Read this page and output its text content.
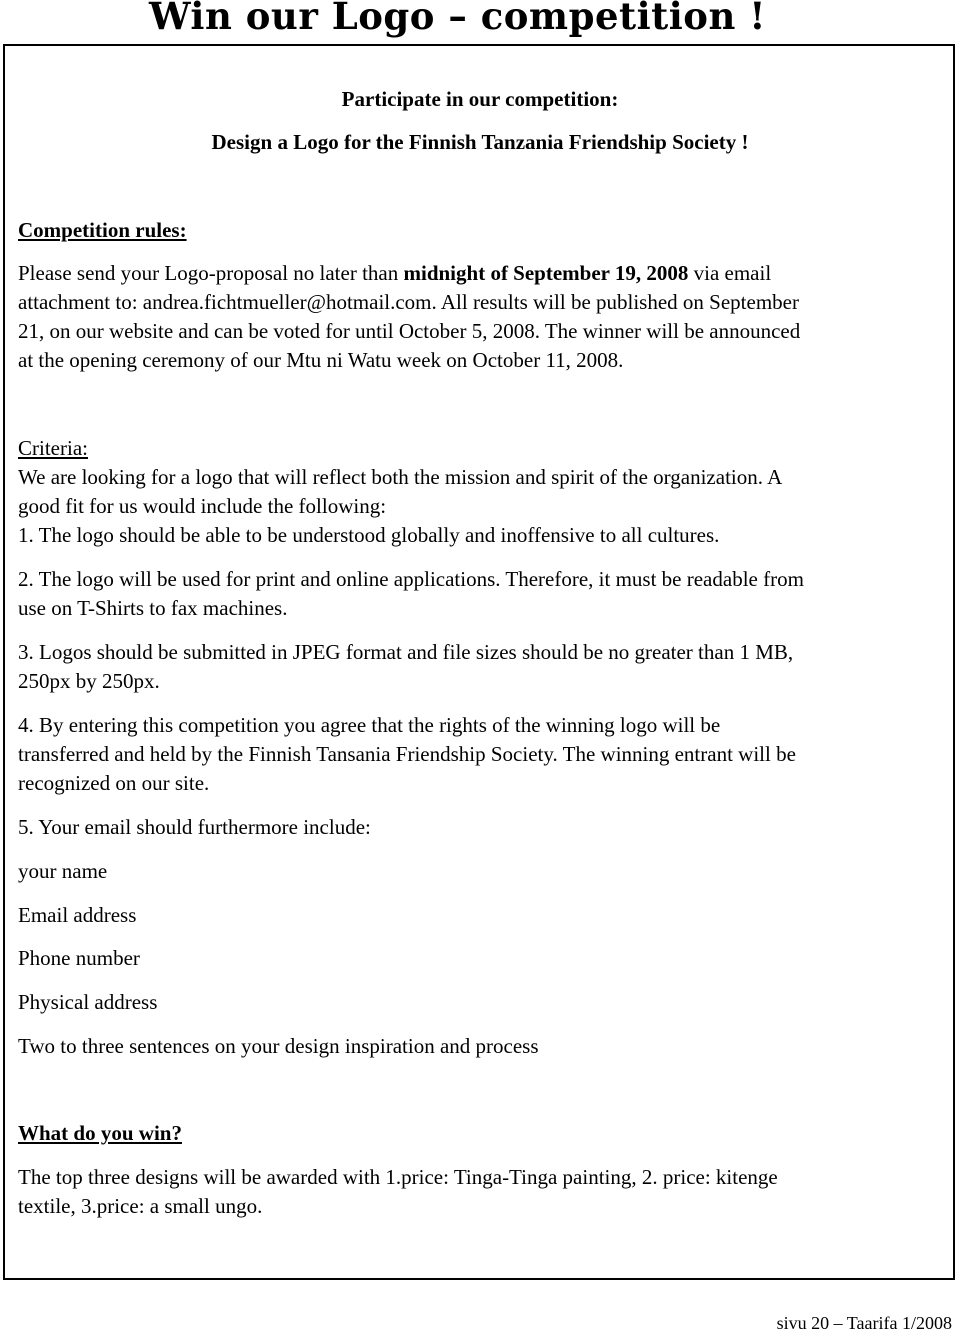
Win our Logo – competition !
Participate in our competition:
Design a Logo for the Finnish Tanzania Friendship Society !
Competition rules:
Please send your Logo-proposal no later than midnight of September 19, 2008 via email
attachment to: andrea.fichtmueller@hotmail.com. All results will be published on September
21, on our website and can be voted for until October 5, 2008. The winner will be announced
at the opening ceremony of our Mtu ni Watu week on October 11, 2008.
Criteria:
We are looking for a logo that will reflect both the mission and spirit of the organization. A
good fit for us would include the following:
1. The logo should be able to be understood globally and inoffensive to all cultures.
2. The logo will be used for print and online applications. Therefore, it must be readable from
use on T-Shirts to fax machines.
3. Logos should be submitted in JPEG format and file sizes should be no greater than 1 MB,
250px by 250px.
4. By entering this competition you agree that the rights of the winning logo will be
transferred and held by the Finnish Tansania Friendship Society. The winning entrant will be
recognized on our site.
5. Your email should furthermore include:
your name
Email address
Phone number
Physical address
Two to three sentences on your design inspiration and process
What do you win?
The top three designs will be awarded with 1.price: Tinga-Tinga painting, 2. price: kitenge
textile, 3.price: a small ungo.
sivu 20 – Taarifa 1/2008
